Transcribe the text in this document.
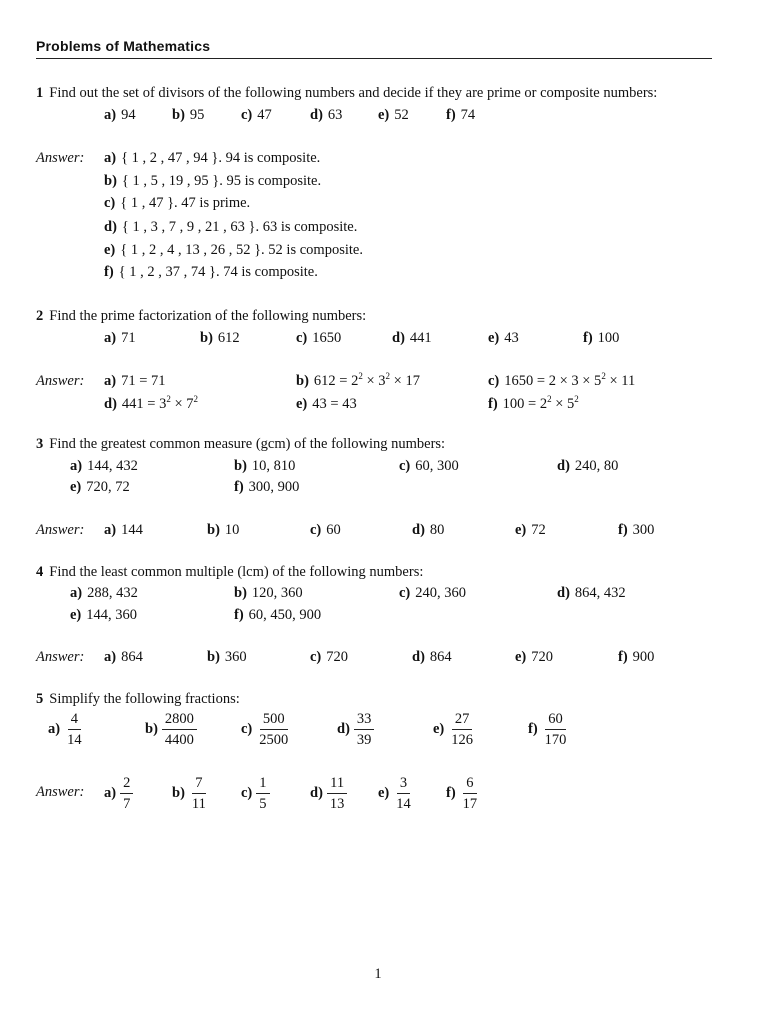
Problems of Mathematics
1 Find out the set of divisors of the following numbers and decide if they are prime or composite numbers:
a) 94	b) 95	c) 47	d) 63 e) 52	f) 74
Answer: a) { 1 , 2 , 47 , 94 }. 94 is composite.
b) { 1 , 5 , 19 , 95 }. 95 is composite.
c) { 1 , 47 }. 47 is prime.
d) { 1 , 3 , 7 , 9 , 21 , 63 }. 63 is composite.
e) { 1 , 2 , 4 , 13 , 26 , 52 }. 52 is composite.
f) { 1 , 2 , 37 , 74 }. 74 is composite.
2 Find the prime factorization of the following numbers:
a) 71	b) 612	c) 1650	d) 441	e) 43	f) 100
Answer: a) 71 = 71	b) $612 = 2^2 \times 3^2 \times 17$	c) $1650 = 2 \times 3 \times 5^2 \times 11$
d) $441 = 3^2 \times 7^2$	e) 43 = 43	f) $100 = 2^2 \times 5^2$
3 Find the greatest common measure (gcm) of the following numbers:
a) 144, 432	b) 10, 810	c) 60, 300	d) 240, 80
e) 720, 72	f) 300, 900
Answer: a) 144	b) 10	c) 60	d) 80	e) 72	f) 300
4 Find the least common multiple (lcm) of the following numbers:
a) 288, 432	b) 120, 360	c) 240, 360	d) 864, 432
e) 144, 360	f) 60, 450, 900
Answer: a) 864	b) 360	c) 720	d) 864	e) 720	f) 900
5 Simplify the following fractions:
$a) \frac{4}{14}$	$b) \frac{2800}{4400}$	$c) \frac{500}{2500}$	$d) \frac{33}{39}$	$e) \frac{27}{126}$	$f) \frac{60}{170}$
Answer: $a) \frac{2}{7}$	$b) \frac{7}{11} c) \frac{1}{5}$	$d) \frac{11}{13} e) \frac{3}{14} f) \frac{6}{17}$
1
